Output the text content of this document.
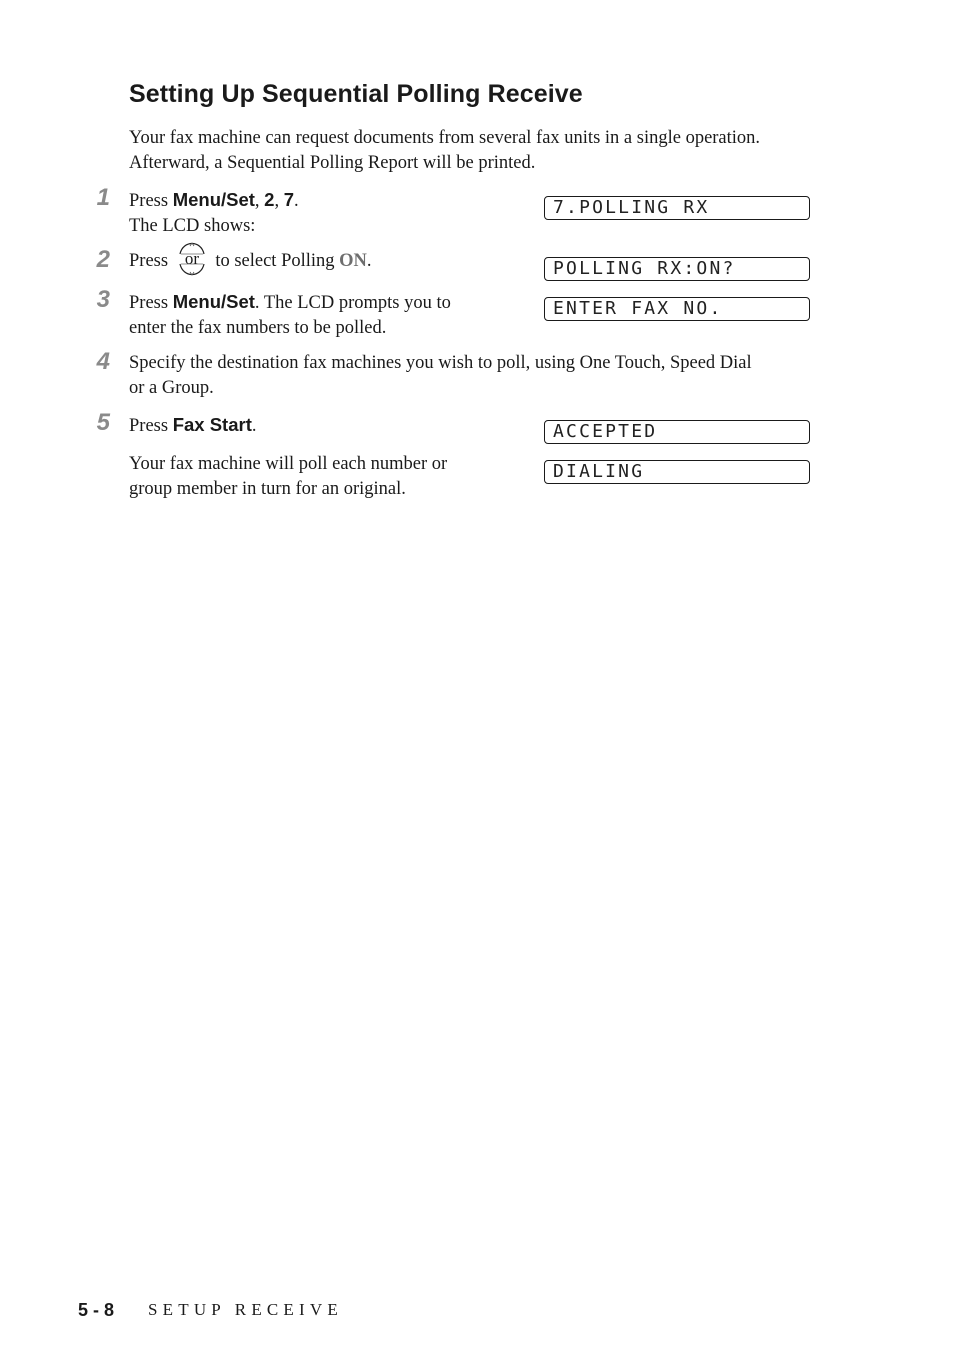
Setting Up Sequential Polling Receive
Your fax machine can request documents from several fax units in a single operation.
Afterward, a Sequential Polling Report will be printed.
1 Press Menu/Set, 2, 7.
The LCD shows:
7.POLLING RX
2 Press or to select Polling ON.	POLLING RX:ON?
3 Press Menu/Set. The LCD prompts you to
enter the fax numbers to be polled.
ENTER FAX NO.
4 Specify the destination fax machines you wish to poll, using One Touch, Speed Dial
or a Group.
5 Press Fax Start.
Your fax machine will poll each number or
group member in turn for an original.
ACCEPTED
DIALING
5 - 8 SETUP RECEIVE
